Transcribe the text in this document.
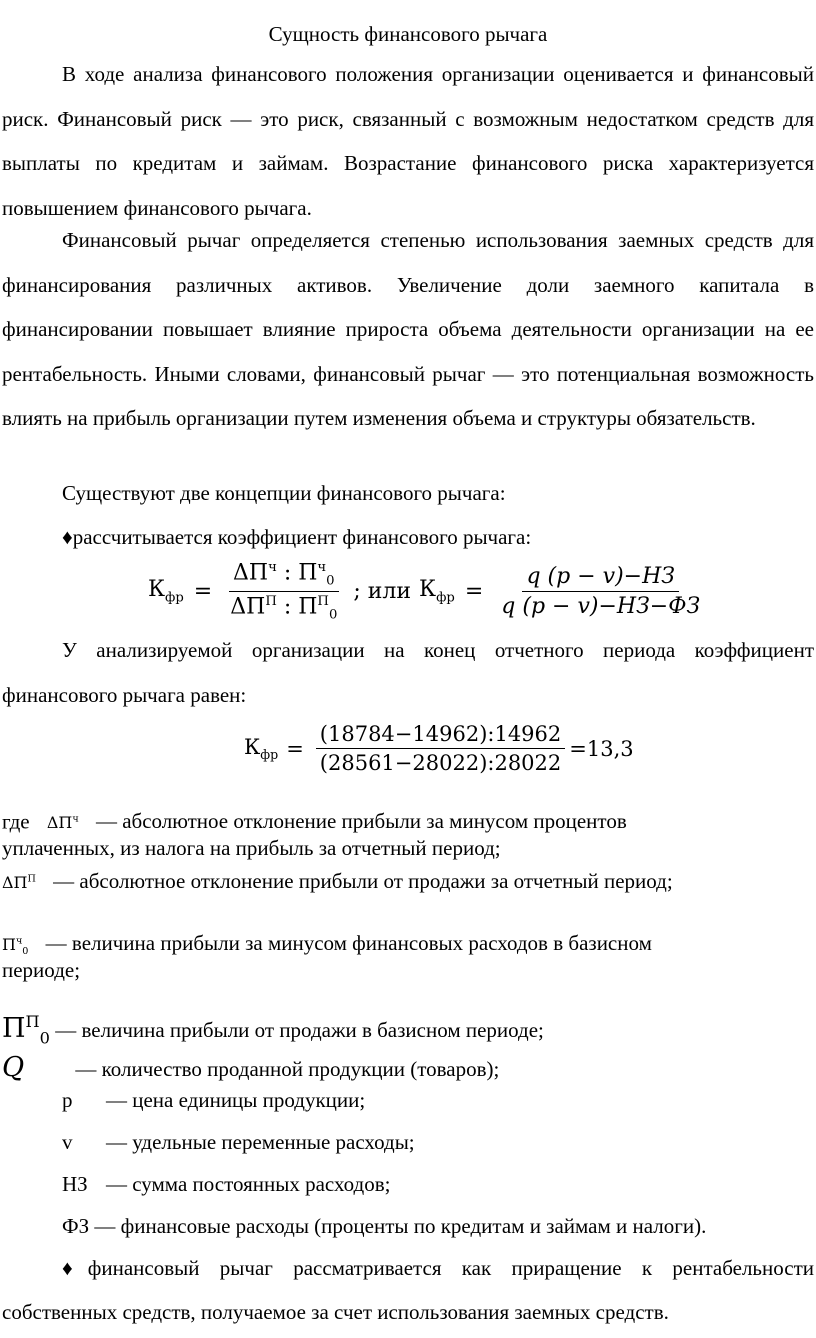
Сущность финансового рычага
В ходе анализа финансового положения организации оценивается и финансовый риск. Финансовый риск — это риск, связанный с возможным недостатком средств для выплаты по кредитам и займам. Возрастание финансового риска характеризуется повышением финансового рычага.
Финансовый рычаг определяется степенью использования заемных средств для финансирования различных активов. Увеличение доли заемного капитала в финансировании повышает влияние прироста объема деятельности организации на ее рентабельность. Иными словами, финансовый рычаг — это потенциальная возможность влиять на прибыль организации путем изменения объема и структуры обязательств.
Существуют две концепции финансового рычага:
♦рассчитывается коэффициент финансового рычага:
$К_{фр} = \frac{\Delta П^ч : П^ч_0}{\Delta П^П : П^П_0}$ ; или $К_{фр} = \frac{q (p - v)-НЗ}{q (p - v)-НЗ-ФЗ}$
У анализируемой организации на конец отчетного периода коэффициент финансового рычага равен:
$К_{фр} = \frac{(18784-14962):14962}{(28561-28022):28022} =13,3$
где $\Delta П^ч$ — абсолютное отклонение прибыли за минусом процентов
уплаченных, из налога на прибыль за отчетный период;
$\Delta П^П$ — абсолютное отклонение прибыли от продажи за отчетный период;
$П^ч_0$ — величина прибыли за минусом финансовых расходов в базисном
периоде;
$П^П_0$ — величина прибыли от продажи в базисном периоде;
Q — количество проданной продукции (товаров);
р — цена единицы продукции;
v — удельные переменные расходы;
НЗ — сумма постоянных расходов;
ФЗ — финансовые расходы (проценты по кредитам и займам и налоги).
♦финансовый рычаг рассматривается как приращение к рентабельности собственных средств, получаемое за счет использования заемных средств.
